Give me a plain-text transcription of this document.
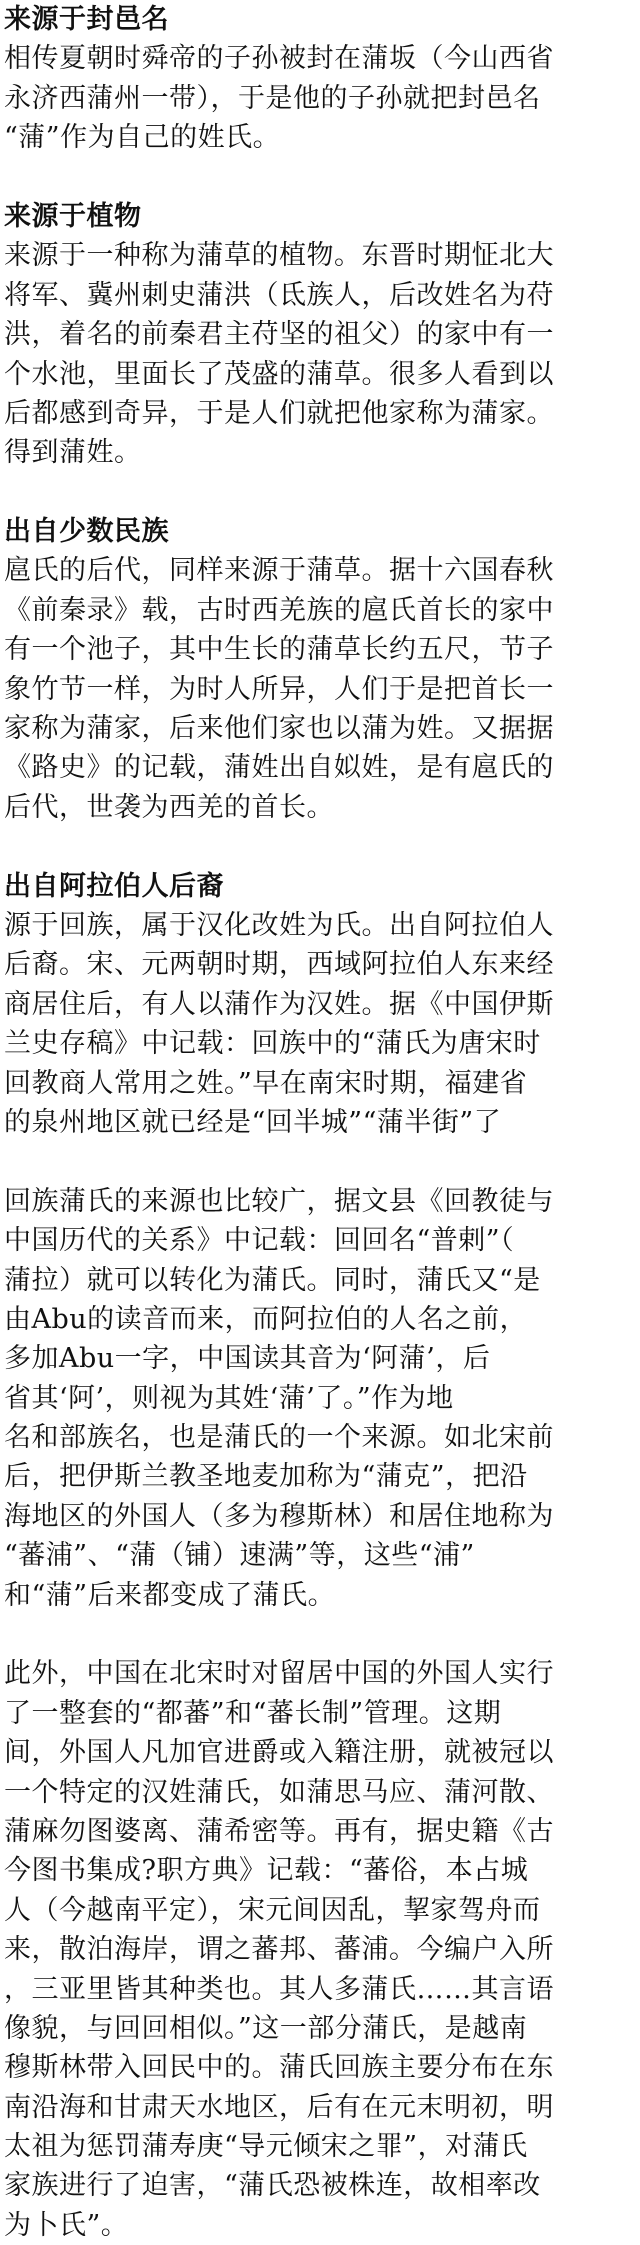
来源于封邑名
相传夏朝时舜帝的子孙被封在蒲坂（今山西省
永济西蒲州一带），于是他的子孙就把封邑名
“蒲”作为自己的姓氏。
来源于植物
来源于一种称为蒲草的植物。东晋时期怔北大
将军、冀州刺史蒲洪（氐族人，后改姓名为苻
洪，着名的前秦君主苻坚的祖父）的家中有一
个水池，里面长了茂盛的蒲草。很多人看到以
后都感到奇异，于是人们就把他家称为蒲家。
得到蒲姓。
出自少数民族
扈氏的后代，同样来源于蒲草。据十六国春秋
《前秦录》载，古时西羌族的扈氏首长的家中
有一个池子，其中生长的蒲草长约五尺，节子
象竹节一样，为时人所异，人们于是把首长一
家称为蒲家，后来他们家也以蒲为姓。又据据
《路史》的记载，蒲姓出自姒姓，是有扈氏的
后代，世袭为西羌的首长。
出自阿拉伯人后裔
源于回族，属于汉化改姓为氏。出自阿拉伯人
后裔。宋、元两朝时期，西域阿拉伯人东来经
商居住后，有人以蒲作为汉姓。据《中国伊斯
兰史存稿》中记载：回族中的“蒲氏为唐宋时
回教商人常用之姓。”早在南宋时期，福建省
的泉州地区就已经是“回半城”“蒲半街”了
回族蒲氏的来源也比较广，据文县《回教徒与
中国历代的关系》中记载：回回名“普剌”（
蒲拉）就可以转化为蒲氏。同时，蒲氏又“是
由Abu的读音而来，而阿拉伯的人名之前，
多加Abu一字，中国读其音为‘阿蒲’，后
省其‘阿’，则视为其姓‘蒲’了。”作为地
名和部族名，也是蒲氏的一个来源。如北宋前
后，把伊斯兰教圣地麦加称为“蒲克”，把沿
海地区的外国人（多为穆斯林）和居住地称为
“蕃浦”、“蒲（铺）速满”等，这些“浦”
和“蒲”后来都变成了蒲氏。
此外，中国在北宋时对留居中国的外国人实行
了一整套的“都蕃”和“蕃长制”管理。这期
间，外国人凡加官进爵或入籍注册，就被冠以
一个特定的汉姓蒲氏，如蒲思马应、蒲河散、
蒲麻勿图婆离、蒲希密等。再有，据史籍《古
今图书集成?职方典》记载：“蕃俗，本占城
人（今越南平定），宋元间因乱，挈家驾舟而
来，散泊海岸，谓之蕃邦、蕃浦。今编户入所
，三亚里皆其种类也。其人多蒲氏……其言语
像貌，与回回相似。”这一部分蒲氏，是越南
穆斯林带入回民中的。蒲氏回族主要分布在东
南沿海和甘肃天水地区，后有在元末明初，明
太祖为惩罚蒲寿庚“导元倾宋之罪”，对蒲氏
家族进行了迫害，“蒲氏恐被株连，故相率改
为卜氏”。
